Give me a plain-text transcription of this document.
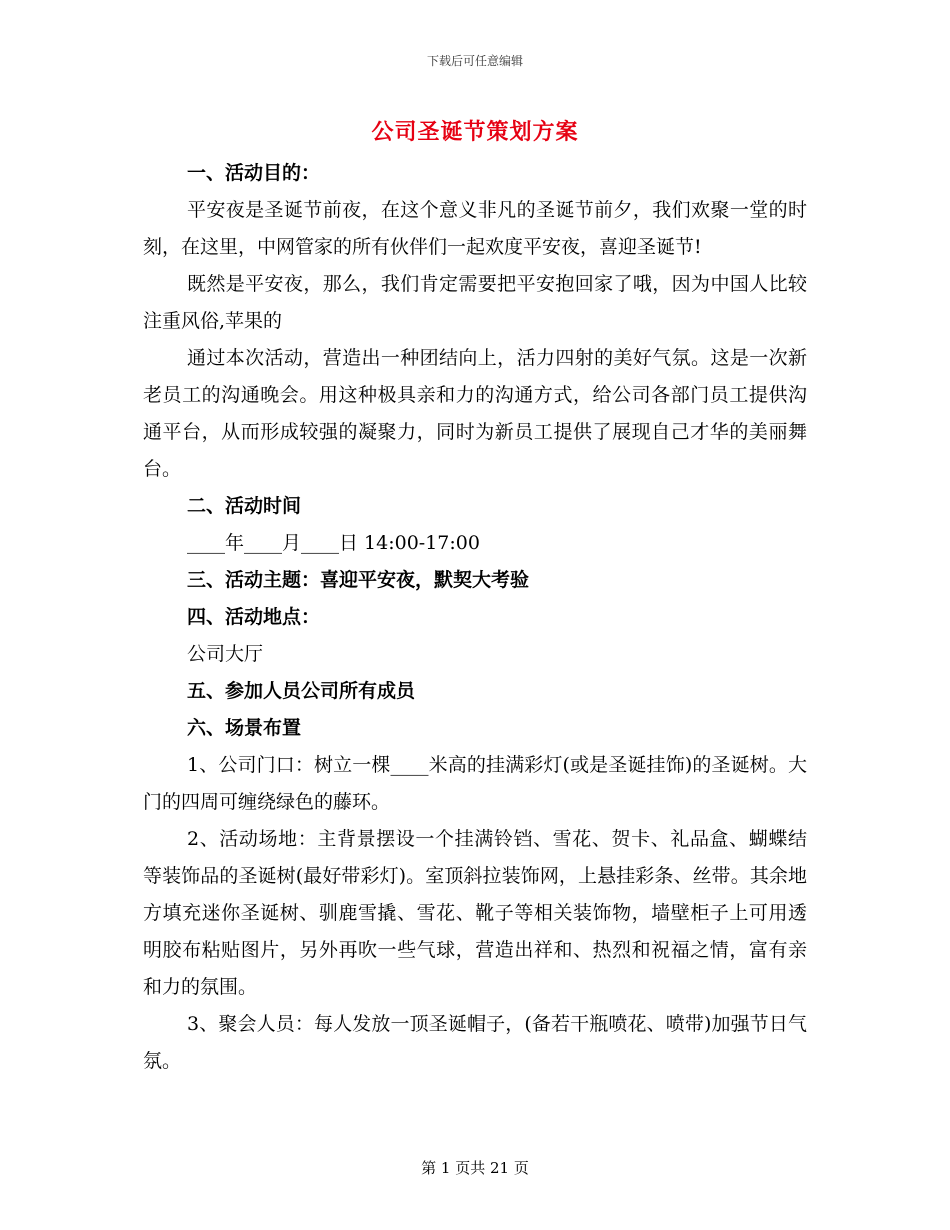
下载后可任意编辑
公司圣诞节策划方案
一、活动目的：

平安夜是圣诞节前夜，在这个意义非凡的圣诞节前夕，我们欢聚一堂的时刻，在这里，中网管家的所有伙伴们一起欢度平安夜，喜迎圣诞节!

既然是平安夜，那么，我们肯定需要把平安抱回家了哦，因为中国人比较注重风俗,苹果的

通过本次活动，营造出一种团结向上，活力四射的美好气氛。这是一次新老员工的沟通晚会。用这种极具亲和力的沟通方式，给公司各部门员工提供沟通平台，从而形成较强的凝聚力，同时为新员工提供了展现自己才华的美丽舞台。

二、活动时间

____年____月____日 14:00-17:00

三、活动主题：喜迎平安夜，默契大考验
四、活动地点：

公司大厅

五、参加人员公司所有成员
六、场景布置

1、公司门口：树立一棵____米高的挂满彩灯(或是圣诞挂饰)的圣诞树。大门的四周可缠绕绿色的藤环。

2、活动场地：主背景摆设一个挂满铃铛、雪花、贺卡、礼品盒、蝴蝶结等装饰品的圣诞树(最好带彩灯)。室顶斜拉装饰网，上悬挂彩条、丝带。其余地方填充迷你圣诞树、驯鹿雪撬、雪花、靴子等相关装饰物，墙壁柜子上可用透明胶布粘贴图片，另外再吹一些气球，营造出祥和、热烈和祝福之情，富有亲和力的氛围。

3、聚会人员：每人发放一顶圣诞帽子，(备若干瓶喷花、喷带)加强节日气氛。

第 1 页共 21 页
